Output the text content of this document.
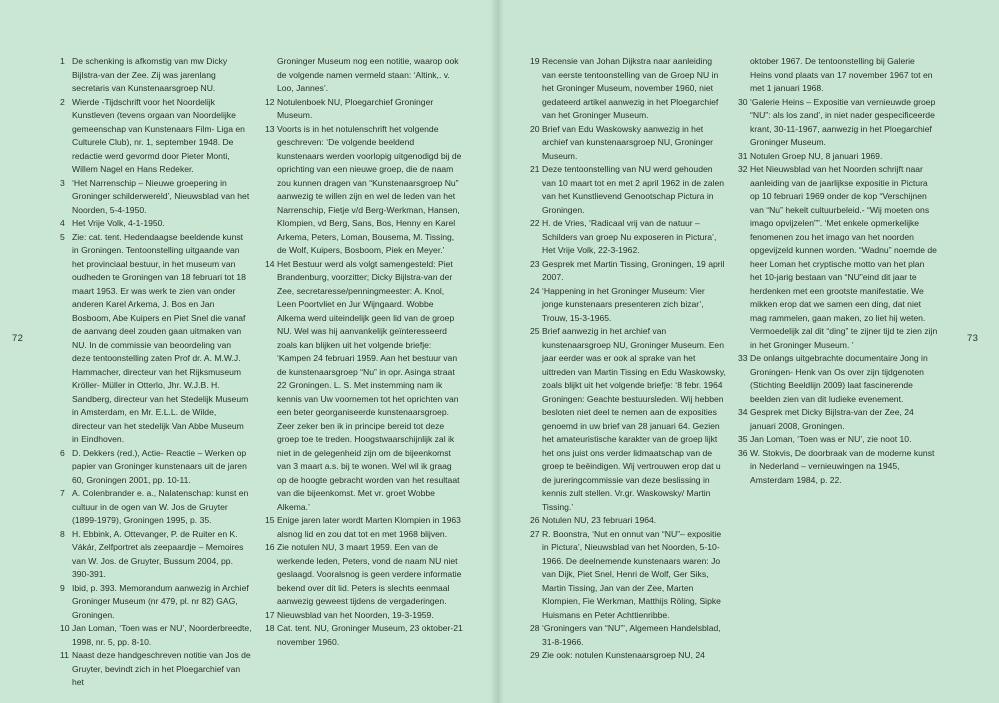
72	73

1 De schenking is afkomstig van mw Dicky Bijlstra-van der Zee. Zij was jarenlang secretaris van Kunstenaarsgroep NU.

2 Wierde -Tijdschrift voor het Noordelijk Kunstleven (tevens orgaan van Noordelijke gemeenschap van Kunstenaars Film- Liga en Culturele Club), nr. 1, september 1948. De redactie werd gevormd door Pieter Monti, Willem Nagel en Hans Redeker.

3 ‘Het Narrenschip – Nieuwe groepering in Groninger schilderwereld’, Nieuwsblad van het Noorden, 5-4-1950.

4 Het Vrije Volk, 4-1-1950.

5 Zie: cat. tent. Hedendaagse beeldende kunst in Groningen. Tentoonstelling uitgaande van het provinciaal bestuur, in het museum van oudheden te Groningen van 18 februari tot 18 maart 1953. Er was werk te zien van onder anderen Karel Arkema, J. Bos en Jan Bosboom, Abe Kuipers en Piet Snel die vanaf de aanvang deel zouden gaan uitmaken van NU. In de commissie van beoordeling van deze tentoonstelling zaten Prof dr. A. M.W.J. Hammacher, directeur van het Rijksmuseum Kröller- Müller in Otterlo, Jhr. W.J.B. H. Sandberg, directeur van het Stedelijk Museum in Amsterdam, en Mr. E.L.L. de Wilde, directeur van het stedelijk Van Abbe Museum in Eindhoven.

6 D. Dekkers (red.), Actie- Reactie – Werken op papier van Groninger kunstenaars uit de jaren 60, Groningen 2001, pp. 10-11.

7 A. Colenbrander e. a., Nalatenschap: kunst en cultuur in de ogen van W. Jos de Gruyter (1899-1979), Groningen 1995, p. 35.

8 H. Ebbink, A. Ottevanger, P. de Ruiter en K. Vákár, Zelfportret als zeepaardje – Memoires van W. Jos. de Gruyter, Bussum 2004, pp. 390-391.

9 Ibid, p. 393. Memorandum aanwezig in Archief Groninger Museum (nr 479, pl. nr 82) GAG, Groningen.

10 Jan Loman, ‘Toen was er NU’, Noorderbreedte, 1998, nr. 5, pp. 8-10.

11 Naast deze handgeschreven notitie van Jos de Gruyter, bevindt zich in het Ploegarchief van het

Groninger Museum nog een notitie, waarop ook de volgende namen vermeld staan: ‘Altink,. v. Loo, Jannes’.

12 Notulenboek NU, Ploegarchief Groninger Museum.

13 Voorts is in het notulenschrift het volgende geschreven: ‘De volgende beeldend kunstenaars werden voorlopig uitgenodigd bij de oprichting van een nieuwe groep, die de naam zou kunnen dragen van “Kunstenaarsgroep Nu” aanwezig te willen zijn en wel de leden van het Narrenschip, Fietje v/d Berg-Werkman, Hansen, Klompien, vd Berg, Sans, Bos, Henny en Karel Arkema, Peters, Loman, Bousema, M. Tissing, de Wolf, Kuipers, Bosboom, Piek en Meyer.’

14 Het Bestuur werd als volgt samengesteld: Piet Brandenburg, voorzitter; Dicky Bijlstra-van der Zee, secretaresse/penningmeester: A. Knol, Leen Poortvliet en Jur Wijngaard. Wobbe Alkema werd uiteindelijk geen lid van de groep NU. Wel was hij aanvankelijk geïnteresseerd zoals kan blijken uit het volgende briefje: ‘Kampen 24 februari 1959. Aan het bestuur van de kunstenaarsgroep “Nu” in opr. Asinga straat 22 Groningen. L. S. Met instemming nam ik kennis van Uw voornemen tot het oprichten van een beter georganiseerde kunstenaarsgroep. Zeer zeker ben ik in principe bereid tot deze groep toe te treden. Hoogstwaarschijnlijk zal ik niet in de gelegenheid zijn om de bijeenkomst van 3 maart a.s. bij te wonen. Wel wil ik graag op de hoogte gebracht worden van het resultaat van die bijeenkomst. Met vr. groet Wobbe Alkema.’

15 Enige jaren later wordt Marten Klompien in 1963 alsnog lid en zou dat tot en met 1968 blijven.

16 Zie notulen NU, 3 maart 1959. Een van de werkende leden, Peters, vond de naam NU niet geslaagd. Vooralsnog is geen verdere informatie bekend over dit lid. Peters is slechts eenmaal aanwezig geweest tijdens de vergaderingen.

17 Nieuwsblad van het Noorden, 19-3-1959.

18 Cat. tent. NU, Groninger Museum, 23 oktober-21 november 1960.

19 Recensie van Johan Dijkstra naar aanleiding van eerste tentoonstelling van de Groep NU in het Groninger Museum, november 1960, niet gedateerd artikel aanwezig in het Ploegarchief van het Groninger Museum.

20 Brief van Edu Waskowsky aanwezig in het archief van kunstenaarsgroep NU, Groninger Museum.

21 Deze tentoonstelling van NU werd gehouden van 10 maart tot en met 2 april 1962 in de zalen van het Kunstlievend Genootschap Pictura in Groningen.

22 H. de Vries, ‘Radicaal vrij van de natuur – Schilders van groep Nu exposeren in Pictura’, Het Vrije Volk, 22-3-1962.

23 Gesprek met Martin Tissing, Groningen, 19 april 2007.

24 ‘Happening in het Groninger Museum: Vier jonge kunstenaars presenteren zich bizar’, Trouw, 15-3-1965.

25 Brief aanwezig in het archief van kunstenaarsgroep NU, Groninger Museum. Een jaar eerder was er ook al sprake van het uittreden van Martin Tissing en Edu Waskowsky, zoals blijkt uit het volgende briefje: ‘8 febr. 1964 Groningen: Geachte bestuursleden. Wij hebben besloten niet deel te nemen aan de exposities genoemd in uw brief van 28 januari 64. Gezien het amateuristische karakter van de groep lijkt het ons juist ons verder lidmaatschap van de groep te beëindigen. Wij vertrouwen erop dat u de jureringcommissie van deze beslissing in kennis zult stellen. Vr.gr. Waskowsky/ Martin Tissing.’

26 Notulen NU, 23 februari 1964.

27 R. Boonstra, ‘Nut en onnut van “NU”– expositie in Pictura’, Nieuwsblad van het Noorden, 5-10-1966. De deelnemende kunstenaars waren: Jo van Dijk, Piet Snel, Henri de Wolf, Ger Siks, Martin Tissing, Jan van der Zee, Marten Klompien, Fie Werkman, Matthijs Röling, Sipke Huismans en Peter Achttienribbe.

28 ‘Groningers van “NU”’, Algemeen Handelsblad, 31-8-1966.

29 Zie ook: notulen Kunstenaarsgroep NU, 24

oktober 1967. De tentoonstelling bij Galerie Heins vond plaats van 17 november 1967 tot en met 1 januari 1968.

30 ‘Galerie Heins – Expositie van vernieuwde groep “NU”: als los zand’, in niet nader gespecificeerde krant, 30-11-1967, aanwezig in het Ploegarchief Groninger Museum.

31 Notulen Groep NU, 8 januari 1969.

32 Het Nieuwsblad van het Noorden schrijft naar aanleiding van de jaarlijkse expositie in Pictura op 10 februari 1969 onder de kop “Verschijnen van “Nu” hekelt cultuurbeleid.- “Wij moeten ons imago opvijzelen””. ‘Met enkele opmerkelijke fenomenen zou het imago van het noorden opgevijzeld kunnen worden. “Wadnu” noemde de heer Loman het cryptische motto van het plan het 10-jarig bestaan van “NU”eind dit jaar te herdenken met een grootste manifestatie. We mikken erop dat we samen een ding, dat niet mag rammelen, gaan maken, zo liet hij weten. Vermoedelijk zal dit “ding” te zijner tijd te zien zijn in het Groninger Museum. ’

33 De onlangs uitgebrachte documentaire Jong in Groningen- Henk van Os over zijn tijdgenoten (Stichting Beeldlijn 2009) laat fascinerende beelden zien van dit ludieke evenement.

34 Gesprek met Dicky Bijlstra-van der Zee, 24 januari 2008, Groningen.

35 Jan Loman, ‘Toen was er NU’, zie noot 10.

36 W. Stokvis, De doorbraak van de moderne kunst in Nederland – vernieuwingen na 1945, Amsterdam 1984, p. 22.
